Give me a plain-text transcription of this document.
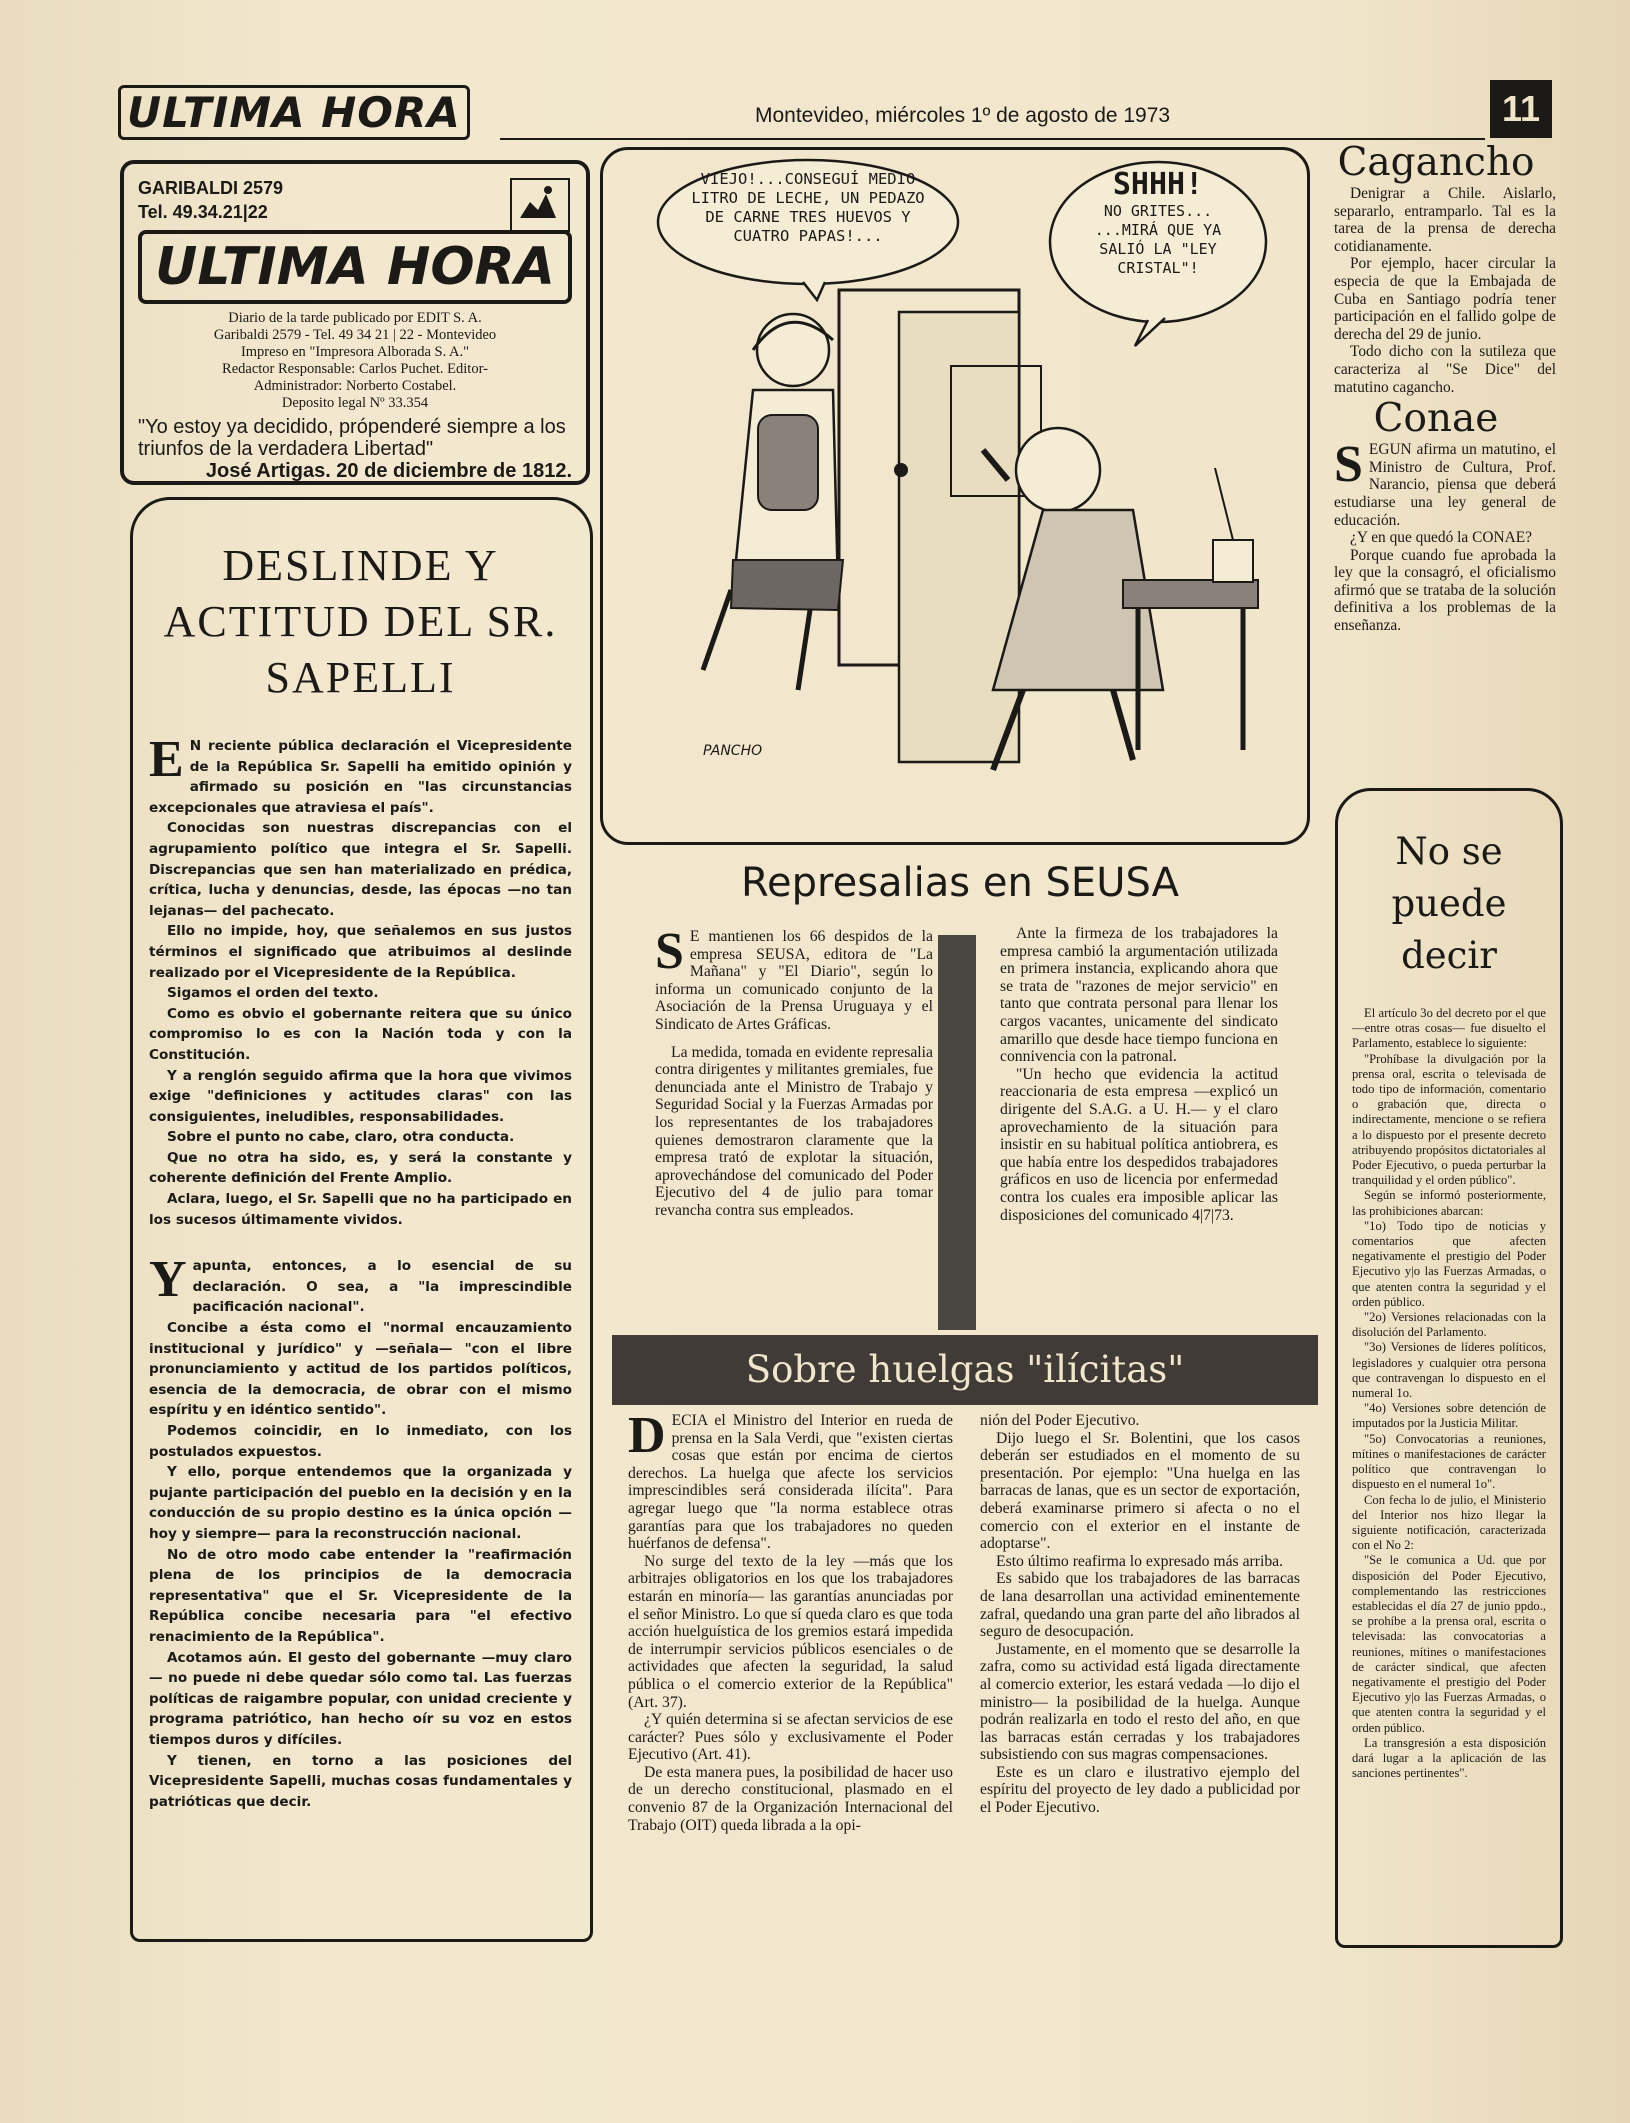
ULTIMA HORA	Montevideo, miércoles 1º de agosto de 1973	11
GARIBALDI 2579
Tel. 49.34.21|22
ULTIMA HORA
Diario de la tarde publicado por EDIT S. A.
Garibaldi 2579 - Tel. 49 34 21 | 22 - Montevideo
Impreso en "Impresora Alborada S. A."
Redactor Responsable: Carlos Puchet. Editor-
Administrador: Norberto Costabel.
Deposito legal Nº 33.354
"Yo estoy ya decidido, própenderé siempre a los triunfos de la verdadera Libertad"
José Artigas. 20 de diciembre de 1812.
DESLINDE Y ACTITUD DEL SR. SAPELLI

E N reciente pública declaración el Vicepresidente de la República Sr. Sapelli ha emitido opinión y afirmado su posición en "las circunstancias excepcionales que atraviesa el país".

Conocidas son nuestras discrepancias con el agrupamiento político que integra el Sr. Sapelli. Discrepancias que sen han materializado en prédica, crítica, lucha y denuncias, desde, las épocas —no tan lejanas— del pachecato.

Ello no impide, hoy, que señalemos en sus justos términos el significado que atribuimos al deslinde realizado por el Vicepresidente de la República.

Sigamos el orden del texto.

Como es obvio el gobernante reitera que su único compromiso lo es con la Nación toda y con la Constitución.

Y a renglón seguido afirma que la hora que vivimos exige "definiciones y actitudes claras" con las consiguientes, ineludibles, responsabilidades.

Sobre el punto no cabe, claro, otra conducta.

Que no otra ha sido, es, y será la constante y coherente definición del Frente Amplio.

Aclara, luego, el Sr. Sapelli que no ha participado en los sucesos últimamente vividos.

Yapunta, entonces, a lo esencial de su declaración. O sea, a "la imprescindible pacificación nacional".

Concibe a ésta como el "normal encauzamiento institucional y jurídico" y —señala— "con el libre pronunciamiento y actitud de los partidos políticos, esencia de la democracia, de obrar con el mismo espíritu y en idéntico sentido".

Podemos coincidir, en lo inmediato, con los postulados expuestos.

Y ello, porque entendemos que la organizada y pujante participación del pueblo en la decisión y en la conducción de su propio destino es la única opción —hoy y siempre— para la reconstrucción nacional.

No de otro modo cabe entender la "reafirmación plena de los principios de la democracia representativa" que el Sr. Vicepresidente de la República concibe necesaria para "el efectivo renacimiento de la República".

Acotamos aún. El gesto del gobernante —muy claro— no puede ni debe quedar sólo como tal. Las fuerzas políticas de raigambre popular, con unidad creciente y programa patriótico, han hecho oír su voz en estos tiempos duros y difíciles.

Y tienen, en torno a las posiciones del Vicepresidente Sapelli, muchas cosas fundamentales y patrióticas que decir.

PANCHO
VIEJO!...CONSEGUÍ MEDIO LITRO DE LECHE, UN PEDAZO DE CARNE TRES HUEVOS Y CUATRO PAPAS!...
SHHH!
NO GRITES...
...MIRÁ QUE YA SALIÓ LA "LEY CRISTAL"!
Represalias en SEUSA

S E mantienen los 66 despidos de la empresa SEUSA, editora de "La Mañana" y "El Diario", según lo informa un comunicado conjunto de la Asociación de la Prensa Uruguaya y el Sindicato de Artes Gráficas.

La medida, tomada en evidente represalia contra dirigentes y militantes gremiales, fue denunciada ante el Ministro de Trabajo y Seguridad Social y la Fuerzas Armadas por los representantes de los trabajadores quienes demostraron claramente que la empresa trató de explotar la situación, aprovechándose del comunicado del Poder Ejecutivo del 4 de julio para tomar revancha contra sus empleados.

Ante la firmeza de los trabajadores la empresa cambió la argumentación utilizada en primera instancia, explicando ahora que se trata de "razones de mejor servicio" en tanto que contrata personal para llenar los cargos vacantes, unicamente del sindicato amarillo que desde hace tiempo funciona en connivencia con la patronal.

"Un hecho que evidencia la actitud reaccionaria de esta empresa —explicó un dirigente del S.A.G. a U. H.— y el claro aprovechamiento de la situación para insistir en su habitual política antiobrera, es que había entre los despedidos trabajadores gráficos en uso de licencia por enfermedad contra los cuales era imposible aplicar las disposiciones del comunicado 4|7|73.

Sobre huelgas "ilícitas"

DECIA el Ministro del Interior en rueda de prensa en la Sala Verdi, que "existen ciertas cosas que están por encima de ciertos derechos. La huelga que afecte los servicios imprescindibles será considerada ilícita". Para agregar luego que "la norma establece otras garantías para que los trabajadores no queden huérfanos de defensa".

No surge del texto de la ley —más que los arbitrajes obligatorios en los que los trabajadores estarán en minoría— las garantías anunciadas por el señor Ministro. Lo que sí queda claro es que toda acción huelguística de los gremios estará impedida de interrumpir servicios públicos esenciales o de actividades que afecten la seguridad, la salud pública o el comercio exterior de la República" (Art. 37).

¿Y quién determina si se afectan servicios de ese carácter? Pues sólo y exclusivamente el Poder Ejecutivo (Art. 41).

De esta manera pues, la posibilidad de hacer uso de un derecho constitucional, plasmado en el convenio 87 de la Organización Internacional del Trabajo (OIT) queda librada a la opi-

nión del Poder Ejecutivo.

Dijo luego el Sr. Bolentini, que los casos deberán ser estudiados en el momento de su presentación. Por ejemplo: "Una huelga en las barracas de lanas, que es un sector de exportación, deberá examinarse primero si afecta o no el comercio con el exterior en el instante de adoptarse".

Esto último reafirma lo expresado más arriba.

Es sabido que los trabajadores de las barracas de lana desarrollan una actividad eminentemente zafral, quedando una gran parte del año librados al seguro de desocupación.

Justamente, en el momento que se desarrolle la zafra, como su actividad está ligada directamente al comercio exterior, les estará vedada —lo dijo el ministro— la posibilidad de la huelga. Aunque podrán realizarla en todo el resto del año, en que las barracas están cerradas y los trabajadores subsistiendo con sus magras compensaciones.

Este es un claro e ilustrativo ejemplo del espíritu del proyecto de ley dado a publicidad por el Poder Ejecutivo.

Cagancho

Denigrar a Chile. Aislarlo, separarlo, entramparlo. Tal es la tarea de la prensa de derecha cotidianamente.

Por ejemplo, hacer circular la especia de que la Embajada de Cuba en Santiago podría tener participación en el fallido golpe de derecha del 29 de junio.

Todo dicho con la sutileza que caracteriza al "Se Dice" del matutino cagancho.

Conae

SEGUN afirma un matutino, el Ministro de Cultura, Prof. Narancio, piensa que deberá estudiarse una ley general de educación.

¿Y en que quedó la CONAE?

Porque cuando fue aprobada la ley que la consagró, el oficialismo afirmó que se trataba de la solución definitiva a los problemas de la enseñanza.

No se puede decir

El artículo 3o del decreto por el que —entre otras cosas— fue disuelto el Parlamento, establece lo siguiente:

"Prohíbase la divulgación por la prensa oral, escrita o televisada de todo tipo de información, comentario o grabación que, directa o indirectamente, mencione o se refiera a lo dispuesto por el presente decreto atribuyendo propósitos dictatoriales al Poder Ejecutivo, o pueda perturbar la tranquilidad y el orden público".

Según se informó posteriormente, las prohibiciones abarcan:

"1o) Todo tipo de noticias y comentarios que afecten negativamente el prestigio del Poder Ejecutivo y|o las Fuerzas Armadas, o que atenten contra la seguridad y el orden público.

"2o) Versiones relacionadas con la disolución del Parlamento.

"3o) Versiones de líderes políticos, legisladores y cualquier otra persona que contravengan lo dispuesto en el numeral 1o.

"4o) Versiones sobre detención de imputados por la Justicia Militar.

"5o) Convocatorias a reuniones, mítines o manifestaciones de carácter político que contravengan lo dispuesto en el numeral 1o".

Con fecha lo de julio, el Ministerio del Interior nos hizo llegar la siguiente notificación, caracterizada con el No 2:

"Se le comunica a Ud. que por disposición del Poder Ejecutivo, complementando las restricciones establecidas el día 27 de junio ppdo., se prohíbe a la prensa oral, escrita o televisada: las convocatorias a reuniones, mítines o manifestaciones de carácter sindical, que afecten negativamente el prestigio del Poder Ejecutivo y|o las Fuerzas Armadas, o que atenten contra la seguridad y el orden público.

La transgresión a esta disposición dará lugar a la aplicación de las sanciones pertinentes".
